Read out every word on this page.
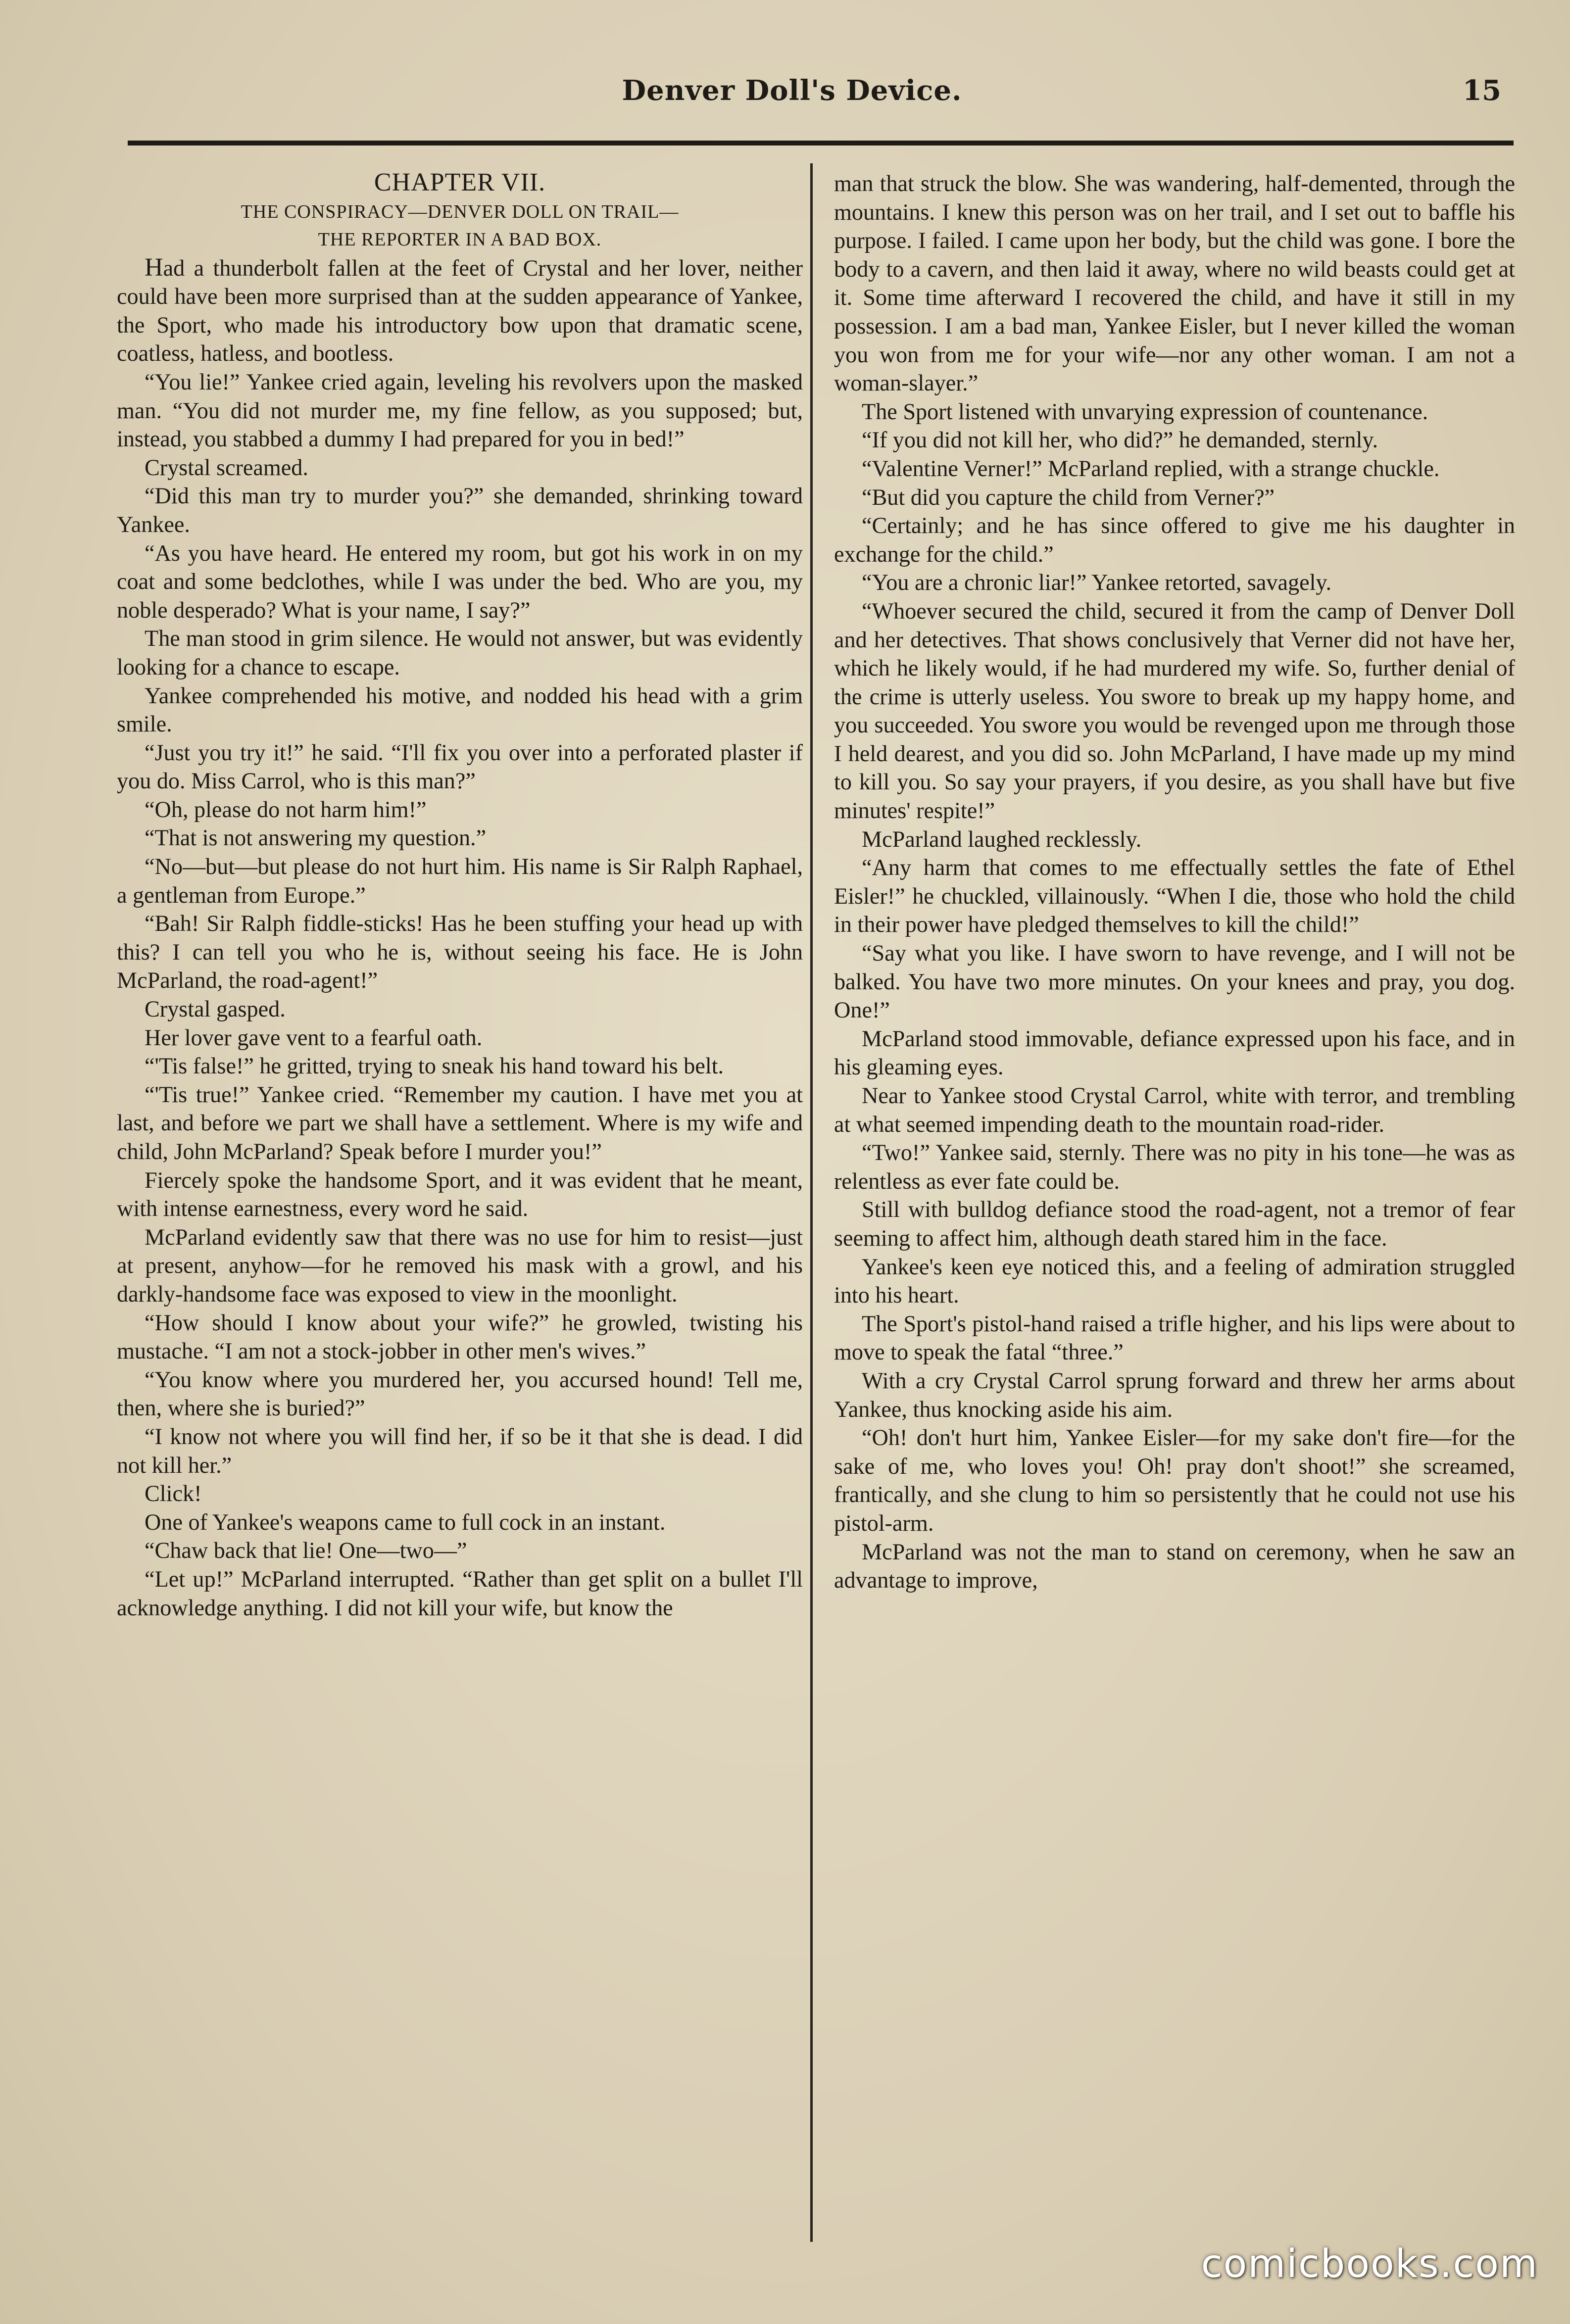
Denver Doll's Device.	15
CHAPTER VII.
THE CONSPIRACY—DENVER DOLL ON TRAIL—
THE REPORTER IN A BAD BOX.

Had a thunderbolt fallen at the feet of Crystal and her lover, neither could have been more surprised than at the sudden appearance of Yankee, the Sport, who made his introductory bow upon that dramatic scene, coatless, hatless, and bootless.

“You lie!” Yankee cried again, leveling his revolvers upon the masked man. “You did not murder me, my fine fellow, as you supposed; but, instead, you stabbed a dummy I had prepared for you in bed!”

Crystal screamed.

“Did this man try to murder you?” she demanded, shrinking toward Yankee.

“As you have heard. He entered my room, but got his work in on my coat and some bedclothes, while I was under the bed. Who are you, my noble desperado? What is your name, I say?”

The man stood in grim silence. He would not answer, but was evidently looking for a chance to escape.

Yankee comprehended his motive, and nodded his head with a grim smile.

“Just you try it!” he said. “I'll fix you over into a perforated plaster if you do. Miss Carrol, who is this man?”

“Oh, please do not harm him!”

“That is not answering my question.”

“No—but—but please do not hurt him. His name is Sir Ralph Raphael, a gentleman from Europe.”

“Bah! Sir Ralph fiddle-sticks! Has he been stuffing your head up with this? I can tell you who he is, without seeing his face. He is John McParland, the road-agent!”

Crystal gasped.

Her lover gave vent to a fearful oath.

“'Tis false!” he gritted, trying to sneak his hand toward his belt.

“'Tis true!” Yankee cried. “Remember my caution. I have met you at last, and before we part we shall have a settlement. Where is my wife and child, John McParland? Speak before I murder you!”

Fiercely spoke the handsome Sport, and it was evident that he meant, with intense earnestness, every word he said.

McParland evidently saw that there was no use for him to resist—just at present, anyhow—for he removed his mask with a growl, and his darkly-handsome face was exposed to view in the moonlight.

“How should I know about your wife?” he growled, twisting his mustache. “I am not a stock-jobber in other men's wives.”

“You know where you murdered her, you accursed hound! Tell me, then, where she is buried?”

“I know not where you will find her, if so be it that she is dead. I did not kill her.”

Click!

One of Yankee's weapons came to full cock in an instant.

“Chaw back that lie! One—two—”

“Let up!” McParland interrupted. “Rather than get split on a bullet I'll acknowledge anything. I did not kill your wife, but know the

man that struck the blow. She was wandering, half-demented, through the mountains. I knew this person was on her trail, and I set out to baffle his purpose. I failed. I came upon her body, but the child was gone. I bore the body to a cavern, and then laid it away, where no wild beasts could get at it. Some time afterward I recovered the child, and have it still in my possession. I am a bad man, Yankee Eisler, but I never killed the woman you won from me for your wife—nor any other woman. I am not a woman-slayer.”

The Sport listened with unvarying expression of countenance.

“If you did not kill her, who did?” he demanded, sternly.

“Valentine Verner!” McParland replied, with a strange chuckle.

“But did you capture the child from Verner?”

“Certainly; and he has since offered to give me his daughter in exchange for the child.”

“You are a chronic liar!” Yankee retorted, savagely.

“Whoever secured the child, secured it from the camp of Denver Doll and her detectives. That shows conclusively that Verner did not have her, which he likely would, if he had murdered my wife. So, further denial of the crime is utterly useless. You swore to break up my happy home, and you succeeded. You swore you would be revenged upon me through those I held dearest, and you did so. John McParland, I have made up my mind to kill you. So say your prayers, if you desire, as you shall have but five minutes' respite!”

McParland laughed recklessly.

“Any harm that comes to me effectually settles the fate of Ethel Eisler!” he chuckled, villainously. “When I die, those who hold the child in their power have pledged themselves to kill the child!”

“Say what you like. I have sworn to have revenge, and I will not be balked. You have two more minutes. On your knees and pray, you dog. One!”

McParland stood immovable, defiance expressed upon his face, and in his gleaming eyes.

Near to Yankee stood Crystal Carrol, white with terror, and trembling at what seemed impending death to the mountain road-rider.

“Two!” Yankee said, sternly. There was no pity in his tone—he was as relentless as ever fate could be.

Still with bulldog defiance stood the road-agent, not a tremor of fear seeming to affect him, although death stared him in the face.

Yankee's keen eye noticed this, and a feeling of admiration struggled into his heart.

The Sport's pistol-hand raised a trifle higher, and his lips were about to move to speak the fatal “three.”

With a cry Crystal Carrol sprung forward and threw her arms about Yankee, thus knocking aside his aim.

“Oh! don't hurt him, Yankee Eisler—for my sake don't fire—for the sake of me, who loves you! Oh! pray don't shoot!” she screamed, frantically, and she clung to him so persistently that he could not use his pistol-arm.

McParland was not the man to stand on ceremony, when he saw an advantage to improve,

comicbooks.com
